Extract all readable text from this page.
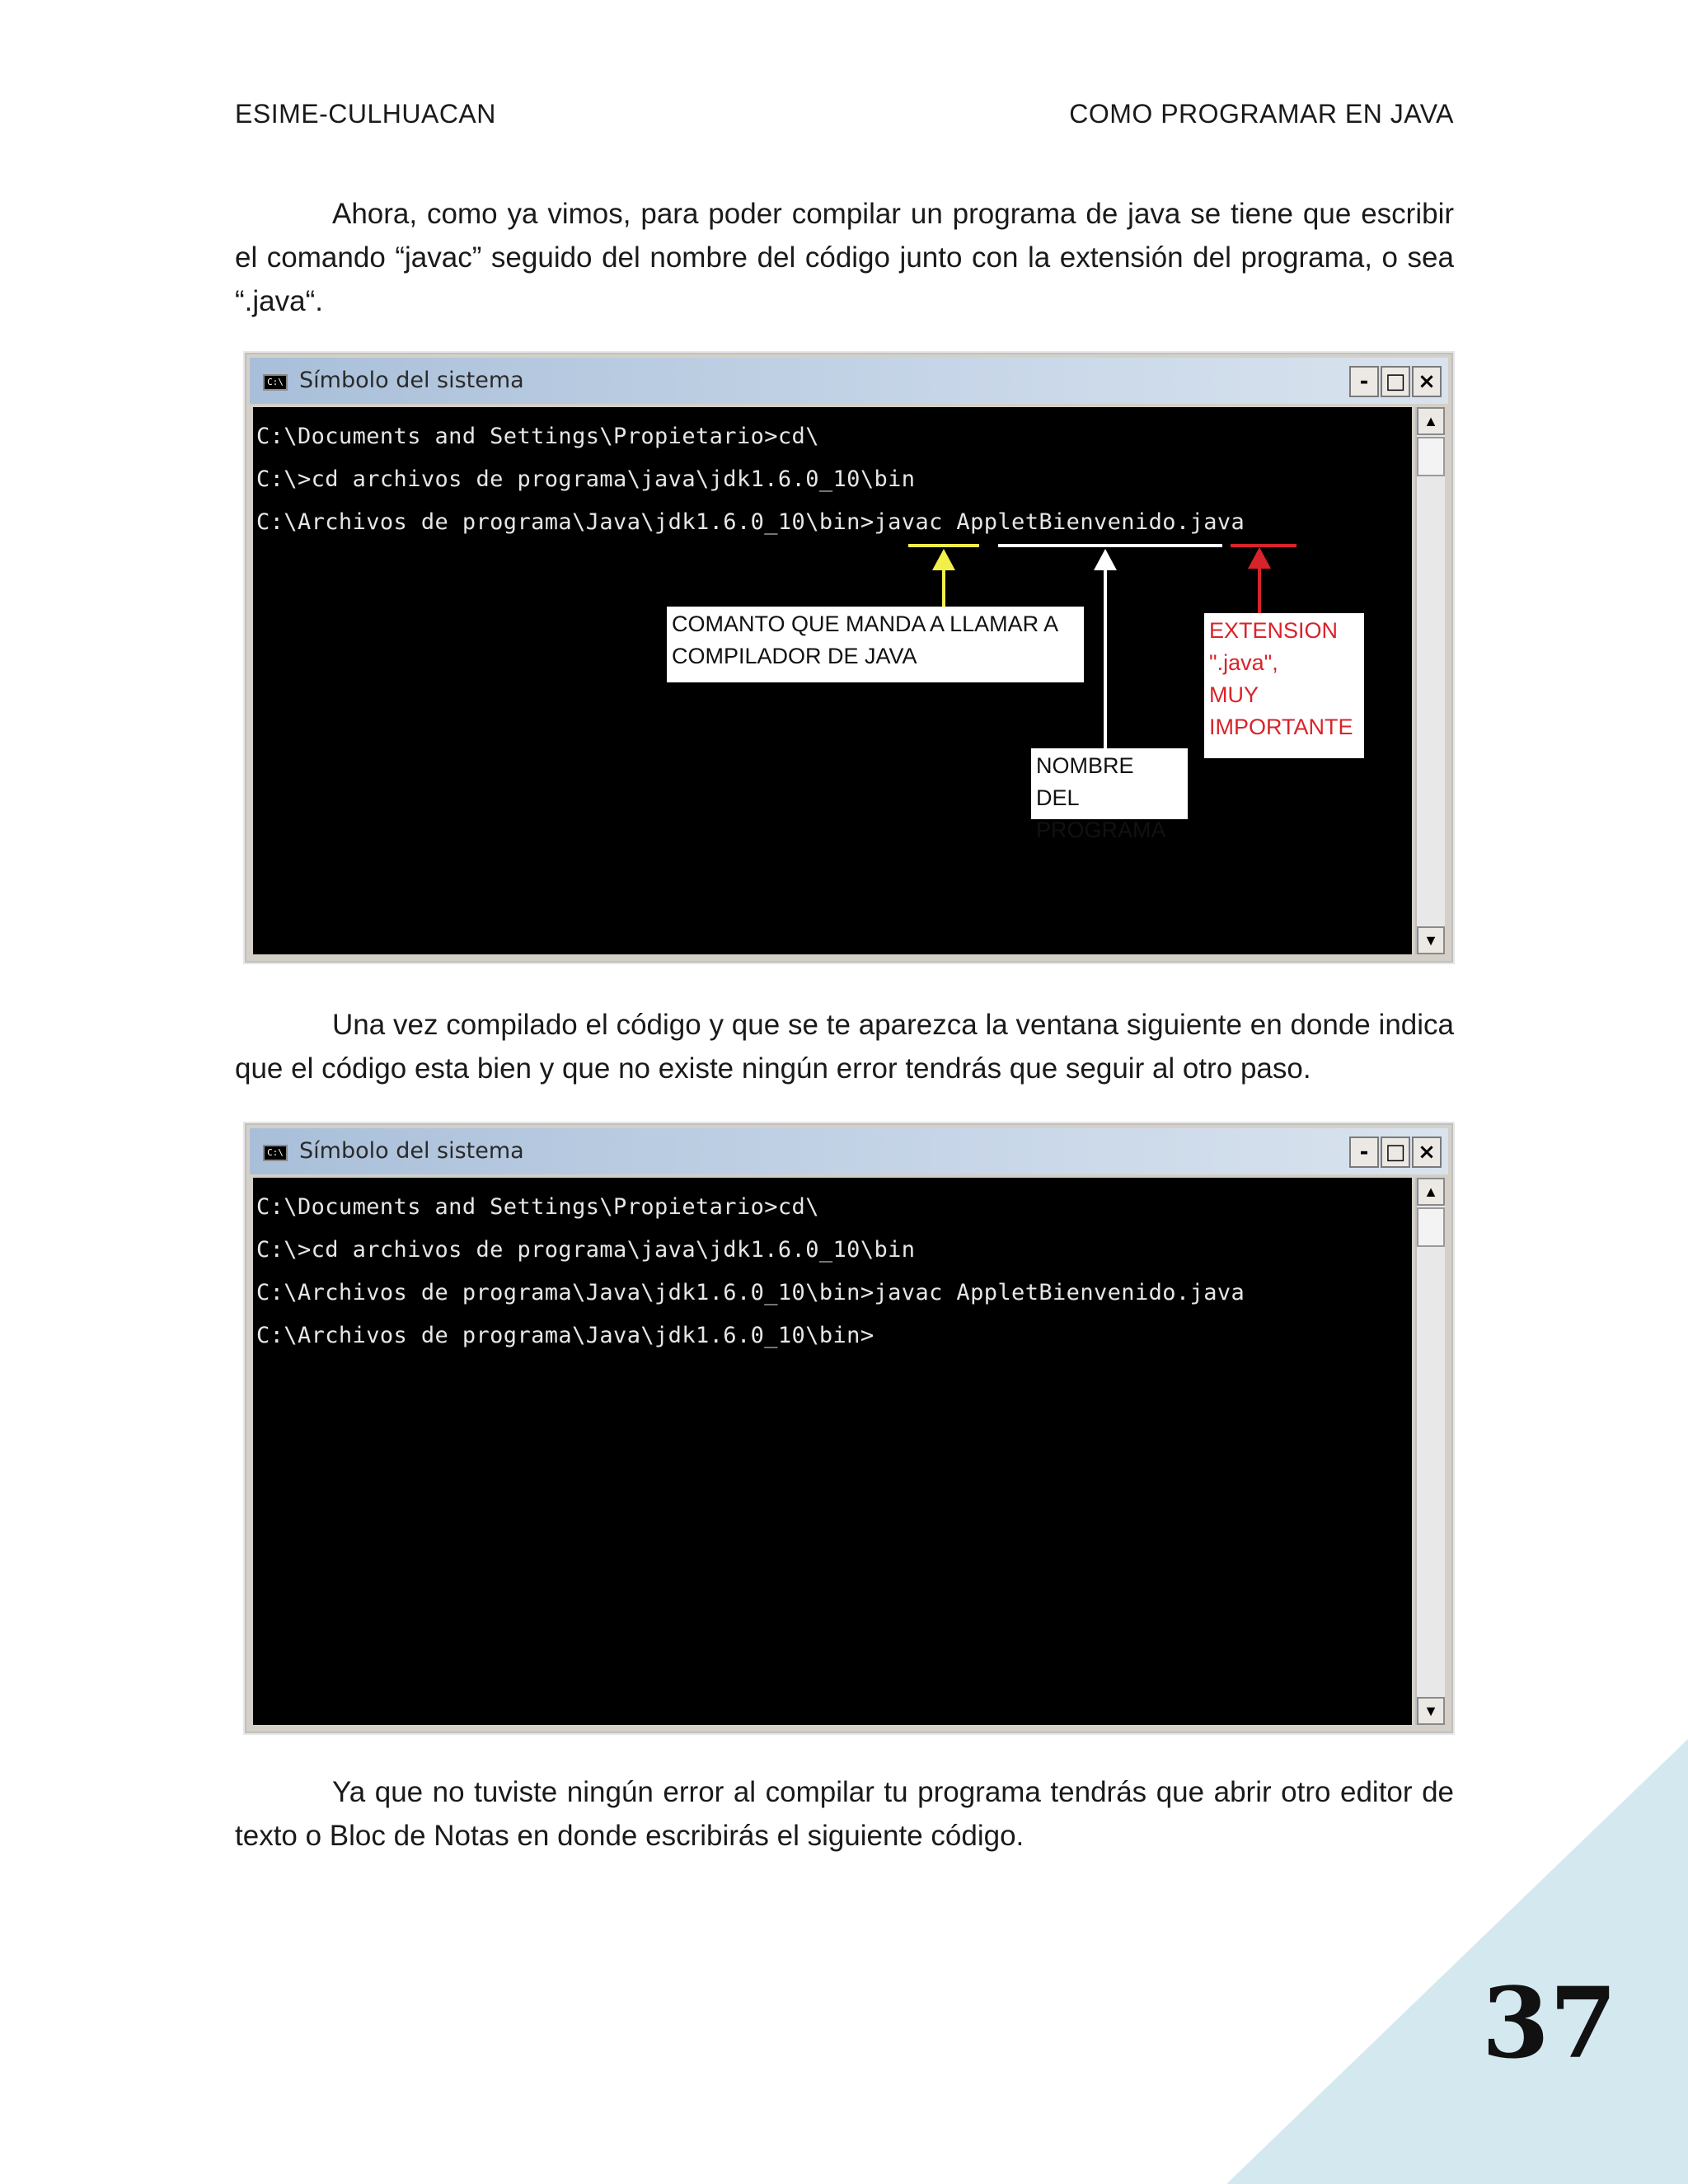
ESIME-CULHUACAN	COMO PROGRAMAR EN JAVA

Ahora, como ya vimos, para poder compilar un programa de java se tiene que escribir el comando “javac” seguido del nombre del código junto con la extensión del programa, o sea “.java“.

C:\ Símbolo del sistema	- □ ×
C:\Documents and Settings\Propietario>cd\
C:\>cd archivos de programa\java\jdk1.6.0_10\bin
C:\Archivos de programa\Java\jdk1.6.0_10\bin>javac AppletBienvenido.java
COMANTO QUE MANDA A LLAMAR A
COMPILADOR DE JAVA
NOMBRE DEL
PROGRAMA
EXTENSION
".java",
MUY
IMPORTANTE
▲
▼

Una vez compilado el código y que se te aparezca la ventana siguiente en donde indica que el código esta bien y que no existe ningún error tendrás que seguir al otro paso.

C:\ Símbolo del sistema	- □ ×
C:\Documents and Settings\Propietario>cd\
C:\>cd archivos de programa\java\jdk1.6.0_10\bin
C:\Archivos de programa\Java\jdk1.6.0_10\bin>javac AppletBienvenido.java
C:\Archivos de programa\Java\jdk1.6.0_10\bin>
▲
▼

Ya que no tuviste ningún error al compilar tu programa tendrás que abrir otro editor de texto o Bloc de Notas en donde escribirás el siguiente código.

37
